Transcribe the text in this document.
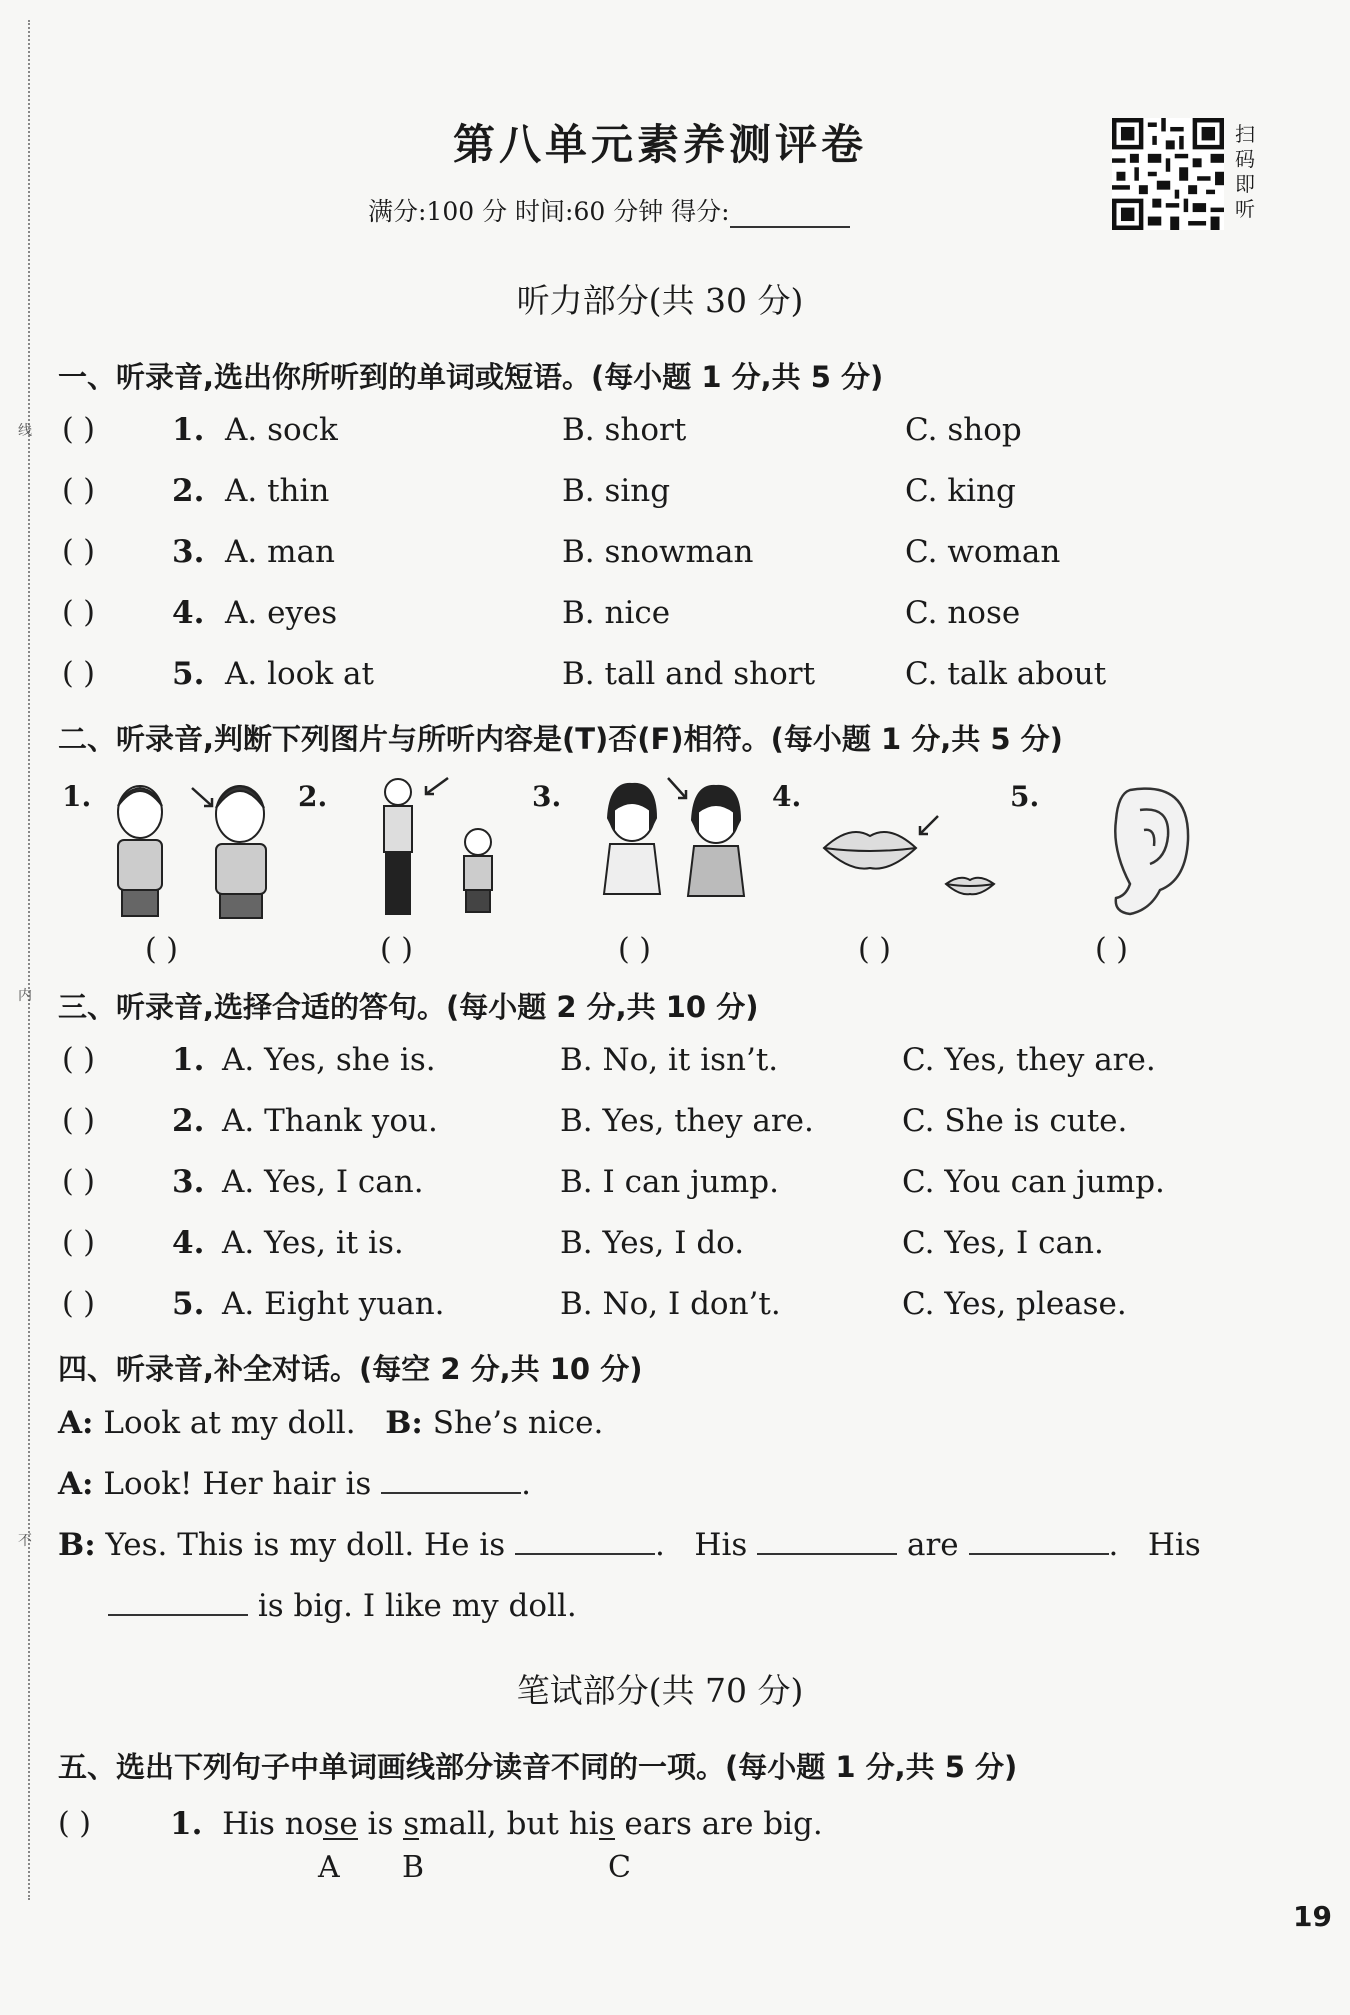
线
内
不
第八单元素养测评卷
满分:100 分 时间:60 分钟 得分:
扫
码
即
听
听力部分(共 30 分)
一、听录音,选出你所听到的单词或短语。(每小题 1 分,共 5 分)
( ) 1. A. sock	B. short	C. shop
( ) 2. A. thin	B. sing	C. king
( ) 3. A. man	B. snowman	C. woman
( ) 4. A. eyes	B. nice	C. nose
( ) 5. A. look at	B. tall and short	C. talk about
二、听录音,判断下列图片与所听内容是(T)否(F)相符。(每小题 1 分,共 5 分)
1.	2.	3.	4.	5.
( )	( )	( )	( )	( )
三、听录音,选择合适的答句。(每小题 2 分,共 10 分)
( ) 1. A. Yes, she is.	B. No, it isn’t.	C. Yes, they are.
( ) 2. A. Thank you.	B. Yes, they are.	C. She is cute.
( ) 3. A. Yes, I can.	B. I can jump.	C. You can jump.
( ) 4. A. Yes, it is.	B. Yes, I do.	C. Yes, I can.
( ) 5. A. Eight yuan.	B. No, I don’t.	C. Yes, please.
四、听录音,补全对话。(每空 2 分,共 10 分)
A: Look at my doll. B: She’s nice.
A: Look! Her hair is	.
B: Yes. This is my doll. He is	. His	are	. His
is big. I like my doll.
笔试部分(共 70 分)
五、选出下列句子中单词画线部分读音不同的一项。(每小题 1 分,共 5 分)
( )	1. His nose is small, but his ears are big.
A B	C
19
